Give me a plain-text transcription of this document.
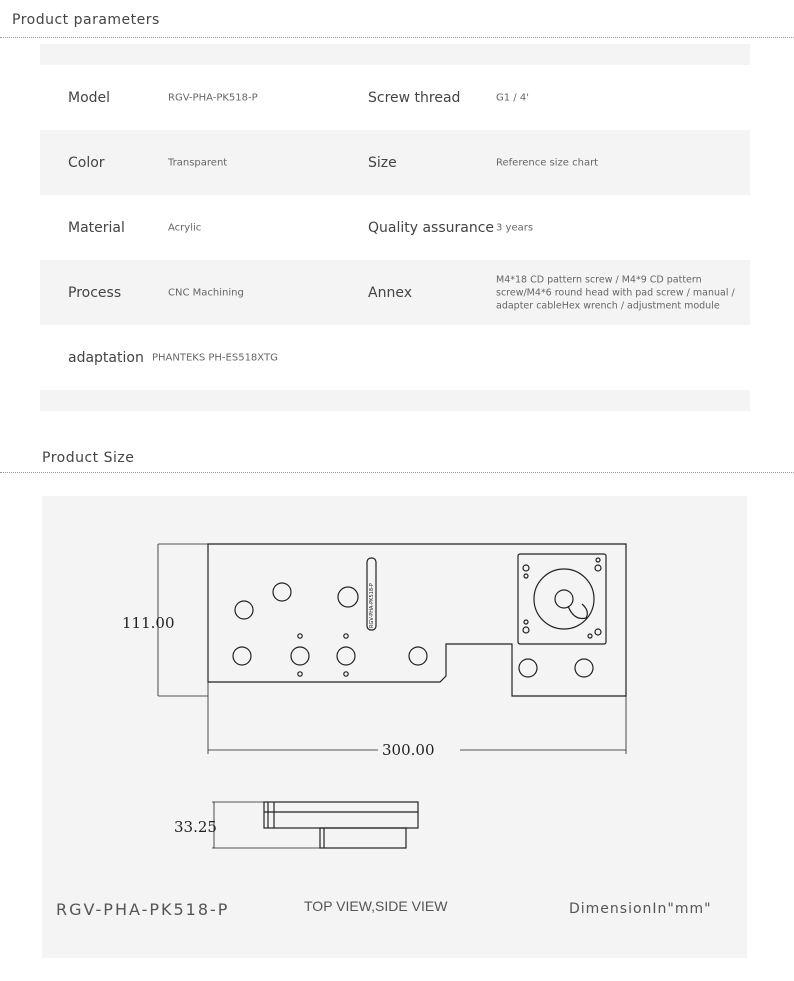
Product parameters
Model	RGV-PHA-PK518-P	Screw thread	G1 / 4'
Color	Transparent	Size	Reference size chart
Material	Acrylic	Quality assurance 3 years
Process	CNC Machining	Annex
M4*18 CD pattern screw / M4*9 CD pattern screw/M4*6 round head with pad screw / manual / adapter cableHex wrench / adjustment module
adaptation PHANTEKS PH-ES518XTG
Product Size
RGV-PHA-PK518-P
111.00
300.00
33.25
RGV-PHA-PK518-P	TOP VIEW,SIDE VIEW	DimensionIn"mm"
